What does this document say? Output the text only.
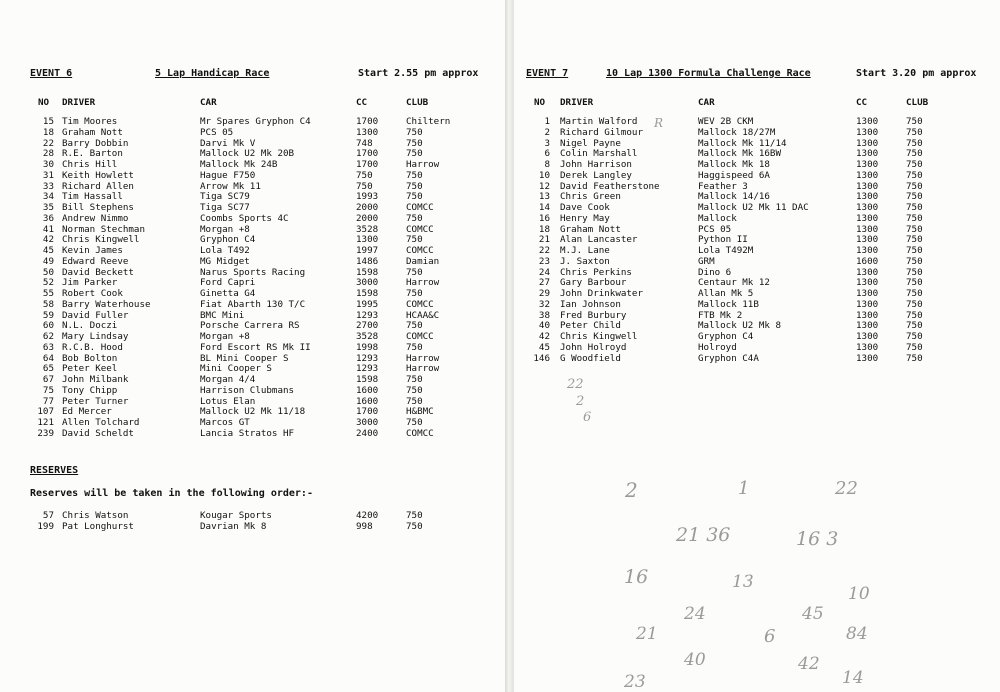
EVENT 6	5 Lap Handicap Race	Start 2.55 pm approx
NO DRIVER	CAR	CC	CLUB
15 Tim Moores	Mr Spares Gryphon C4	1700	Chiltern
18 Graham Nott	PCS 05	1300	750
22 Barry Dobbin	Darvi Mk V	748	750
28 R.E. Barton	Mallock U2 Mk 20B	1700	750
30 Chris Hill	Mallock Mk 24B	1700	Harrow
31 Keith Howlett	Hague F750	750	750
33 Richard Allen	Arrow Mk 11	750	750
34 Tim Hassall	Tiga SC79	1993	750
35 Bill Stephens	Tiga SC77	2000	COMCC
36 Andrew Nimmo	Coombs Sports 4C	2000	750
41 Norman Stechman	Morgan +8	3528	COMCC
42 Chris Kingwell	Gryphon C4	1300	750
45 Kevin James	Lola T492	1997	COMCC
49 Edward Reeve	MG Midget	1486	Damian
50 David Beckett	Narus Sports Racing	1598	750
52 Jim Parker	Ford Capri	3000	Harrow
55 Robert Cook	Ginetta G4	1598	750
58 Barry Waterhouse	Fiat Abarth 130 T/C	1995	COMCC
59 David Fuller	BMC Mini	1293	HCAA&C
60 N.L. Doczi	Porsche Carrera RS	2700	750
62 Mary Lindsay	Morgan +8	3528	COMCC
63 R.C.B. Hood	Ford Escort RS Mk II	1998	750
64 Bob Bolton	BL Mini Cooper S	1293	Harrow
65 Peter Keel	Mini Cooper S	1293	Harrow
67 John Milbank	Morgan 4/4	1598	750
75 Tony Chipp	Harrison Clubmans	1600	750
77 Peter Turner	Lotus Elan	1600	750
107 Ed Mercer	Mallock U2 Mk 11/18	1700	H&BMC
121 Allen Tolchard	Marcos GT	3000	750
239 David Scheldt	Lancia Stratos HF	2400	COMCC
RESERVES
Reserves will be taken in the following order:-
57 Chris Watson	Kougar Sports	4200	750
199 Pat Longhurst	Davrian Mk 8	998	750
EVENT 7	10 Lap 1300 Formula Challenge Race	Start 3.20 pm approx
NO DRIVER	CAR	CC	CLUB
1 Martin Walford	WEV 2B CKM	1300	750
2 Richard Gilmour	Mallock 18/27M	1300	750
3 Nigel Payne	Mallock Mk 11/14	1300	750
6 Colin Marshall	Mallock Mk 16BW	1300	750
8 John Harrison	Mallock Mk 18	1300	750
10 Derek Langley	Haggispeed 6A	1300	750
12 David Featherstone	Feather 3	1300	750
13 Chris Green	Mallock 14/16	1300	750
14 Dave Cook	Mallock U2 Mk 11 DAC	1300	750
16 Henry May	Mallock	1300	750
18 Graham Nott	PCS 05	1300	750
21 Alan Lancaster	Python II	1300	750
22 M.J. Lane	Lola T492M	1300	750
23 J. Saxton	GRM	1600	750
24 Chris Perkins	Dino 6	1300	750
27 Gary Barbour	Centaur Mk 12	1300	750
29 John Drinkwater	Allan Mk 5	1300	750
32 Ian Johnson	Mallock 11B	1300	750
38 Fred Burbury	FTB Mk 2	1300	750
40 Peter Child	Mallock U2 Mk 8	1300	750
42 Chris Kingwell	Gryphon C4	1300	750
45 John Holroyd	Holroyd	1300	750
146 G Woodfield	Gryphon C4A	1300	750
R
22
2
6
2	1	22
21 36	16 3
16	13
10
21
24
6
45
84
40	42
14
23
